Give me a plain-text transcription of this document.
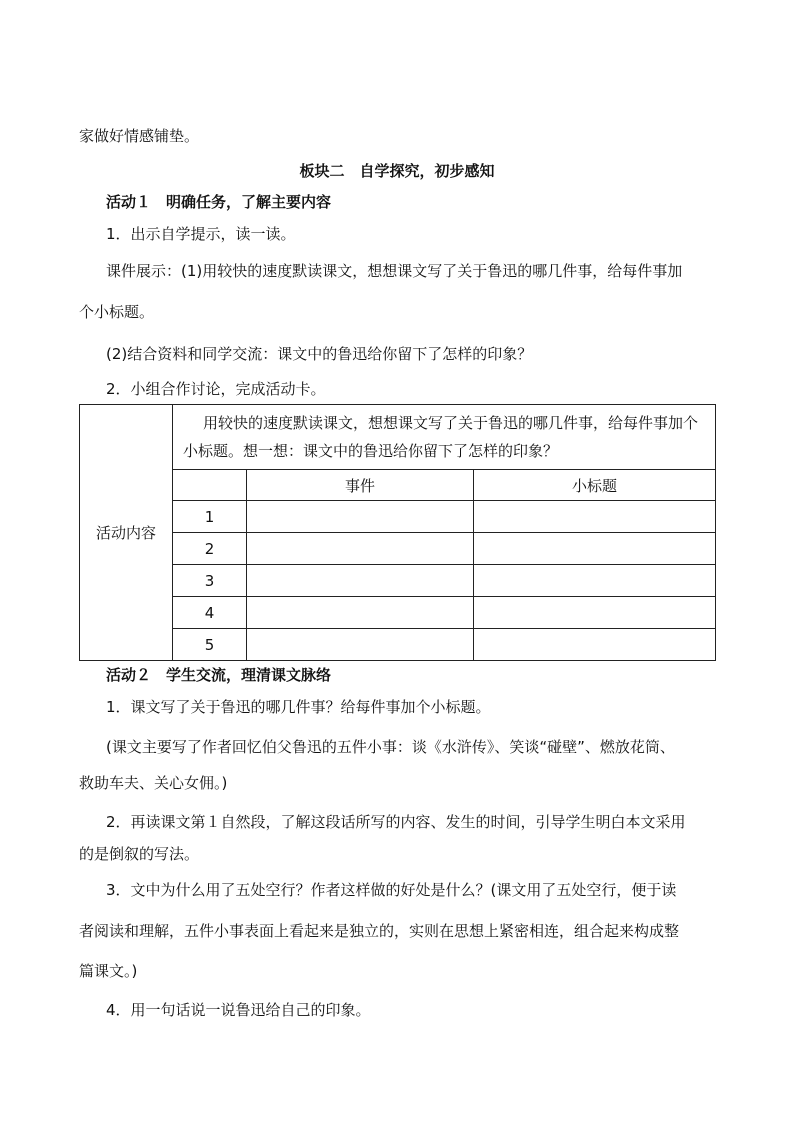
家做好情感铺垫。
板块二　自学探究，初步感知
活动１　明确任务，了解主要内容
1．出示自学提示，读一读。
课件展示：(1)用较快的速度默读课文，想想课文写了关于鲁迅的哪几件事，给每件事加
个小标题。
(2)结合资料和同学交流：课文中的鲁迅给你留下了怎样的印象？
2．小组合作讨论，完成活动卡。
活动内容	用较快的速度默读课文，想想课文写了关于鲁迅的哪几件事，给每件事加个小标题。想一想：课文中的鲁迅给你留下了怎样的印象？		
		事件	小标题
	1		
	2		
	3		
	4		
	5		
活动２　学生交流，理清课文脉络
1．课文写了关于鲁迅的哪几件事？给每件事加个小标题。
(课文主要写了作者回忆伯父鲁迅的五件小事：谈《水浒传》、笑谈“碰壁”、燃放花筒、
救助车夫、关心女佣。)
2．再读课文第１自然段，了解这段话所写的内容、发生的时间，引导学生明白本文采用
的是倒叙的写法。
3．文中为什么用了五处空行？作者这样做的好处是什么？(课文用了五处空行，便于读
者阅读和理解，五件小事表面上看起来是独立的，实则在思想上紧密相连，组合起来构成整
篇课文。)
4．用一句话说一说鲁迅给自己的印象。
